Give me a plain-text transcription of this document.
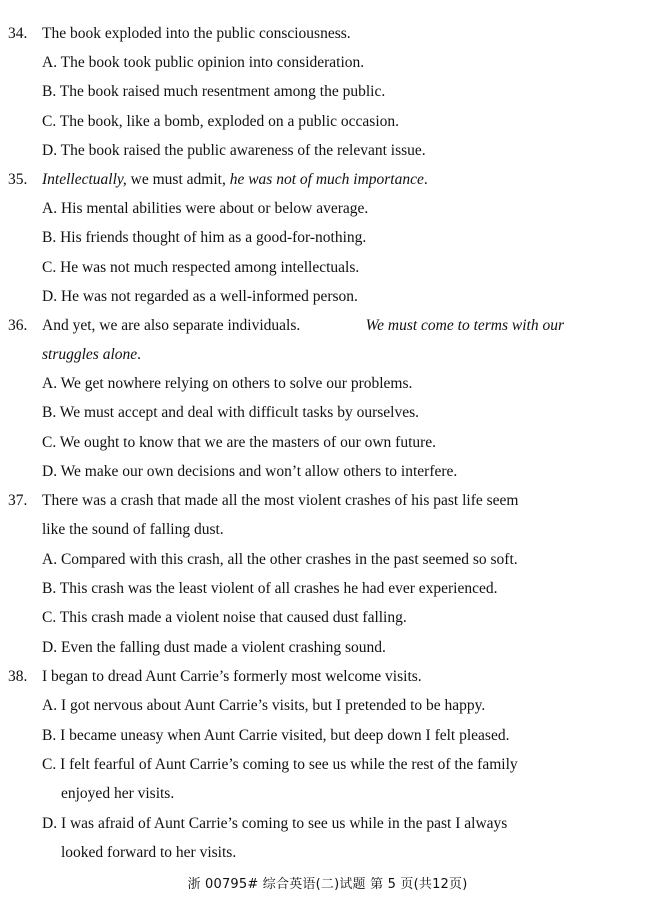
34. The book exploded into the public consciousness.
A. The book took public opinion into consideration.
B. The book raised much resentment among the public.
C. The book, like a bomb, exploded on a public occasion.
D. The book raised the public awareness of the relevant issue.
35. Intellectually, we must admit, he was not of much importance.
A. His mental abilities were about or below average.
B. His friends thought of him as a good-for-nothing.
C. He was not much respected among intellectuals.
D. He was not regarded as a well-informed person.
36. And yet, we are also separate individuals.	We must come to terms with our
struggles alone.
A. We get nowhere relying on others to solve our problems.
B. We must accept and deal with difficult tasks by ourselves.
C. We ought to know that we are the masters of our own future.
D. We make our own decisions and won’t allow others to interfere.
37. There was a crash that made all the most violent crashes of his past life seem
like the sound of falling dust.
A. Compared with this crash, all the other crashes in the past seemed so soft.
B. This crash was the least violent of all crashes he had ever experienced.
C. This crash made a violent noise that caused dust falling.
D. Even the falling dust made a violent crashing sound.
38. I began to dread Aunt Carrie’s formerly most welcome visits.
A. I got nervous about Aunt Carrie’s visits, but I pretended to be happy.
B. I became uneasy when Aunt Carrie visited, but deep down I felt pleased.
C. I felt fearful of Aunt Carrie’s coming to see us while the rest of the family
enjoyed her visits.
D. I was afraid of Aunt Carrie’s coming to see us while in the past I always
looked forward to her visits.
浙 00795# 综合英语(二)试题 第 5 页(共12页)
